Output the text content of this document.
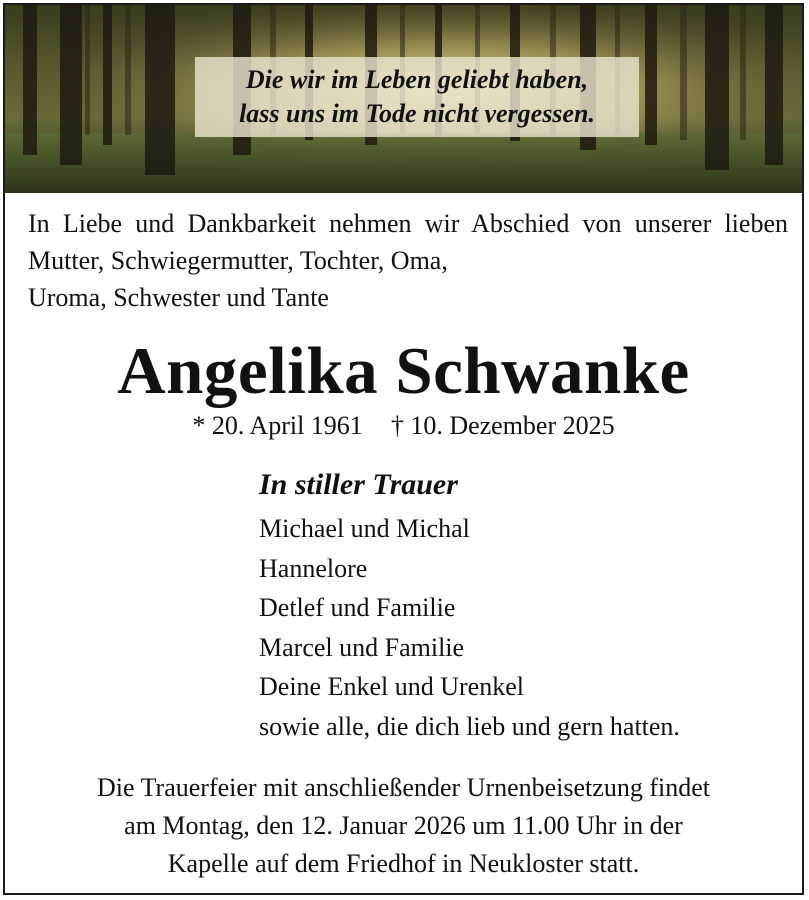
Die wir im Leben geliebt haben,
lass uns im Tode nicht vergessen.
In Liebe und Dankbarkeit nehmen wir Abschied von unserer lieben Mutter, Schwiegermutter, Tochter, Oma,
Uroma, Schwester und Tante
Angelika Schwanke
* 20. April 1961 † 10. Dezember 2025
In stiller Trauer
Michael und Michal
Hannelore
Detlef und Familie
Marcel und Familie
Deine Enkel und Urenkel
sowie alle, die dich lieb und gern hatten.
Die Trauerfeier mit anschließender Urnenbeisetzung findet
am Montag, den 12. Januar 2026 um 11.00 Uhr in der
Kapelle auf dem Friedhof in Neukloster statt.
